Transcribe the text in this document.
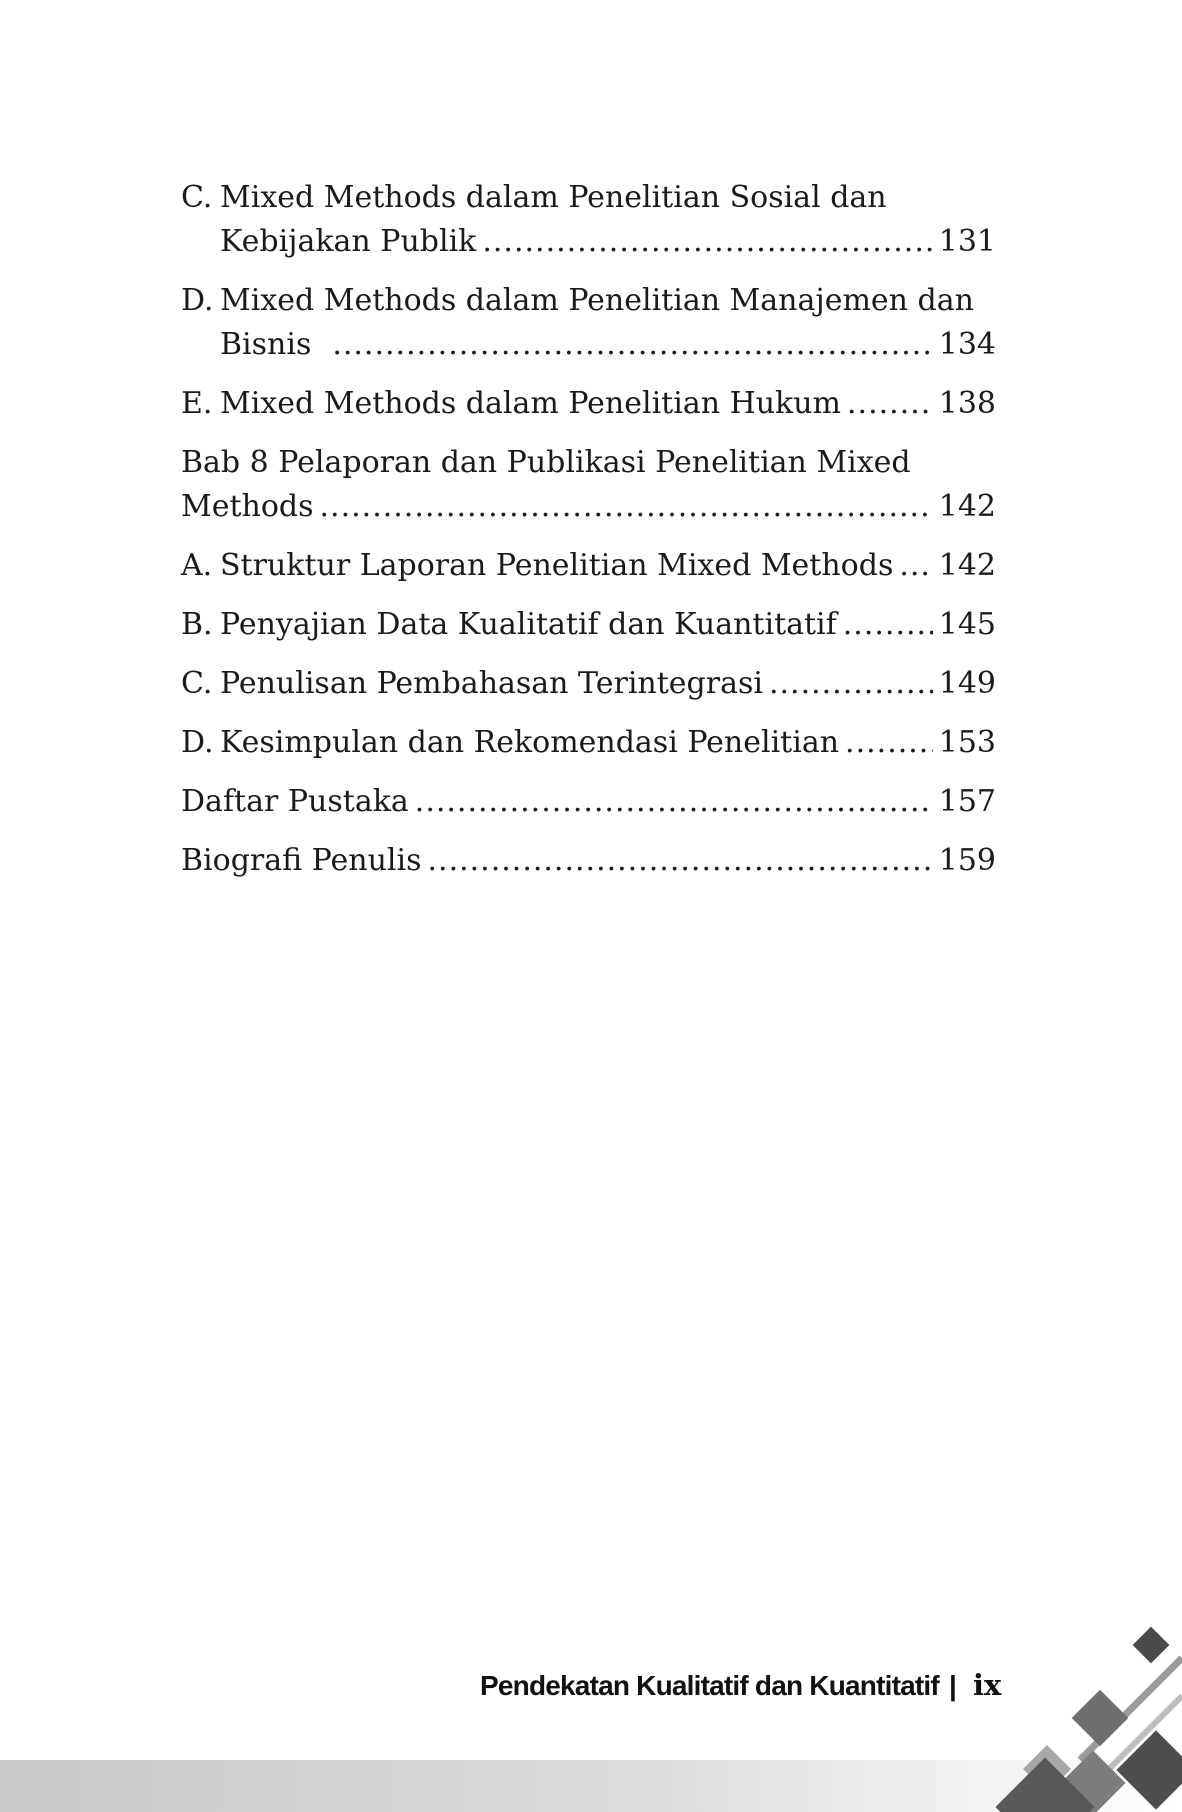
C. Mixed Methods dalam Penelitian Sosial dan
Kebijakan Publik .....	131
D. Mixed Methods dalam Penelitian Manajemen dan
Bisnis .....	134
E. Mixed Methods dalam Penelitian Hukum .....	138
Bab 8 Pelaporan dan Publikasi Penelitian Mixed
Methods .....	142
A. Struktur Laporan Penelitian Mixed Methods ..... 142
B. Penyajian Data Kualitatif dan Kuantitatif .....	145
C. Penulisan Pembahasan Terintegrasi .....	149
D. Kesimpulan dan Rekomendasi Penelitian .....	153
Daftar Pustaka .....	157
Biografi Penulis .....	159
Pendekatan Kualitatif dan Kuantitatif | ix
